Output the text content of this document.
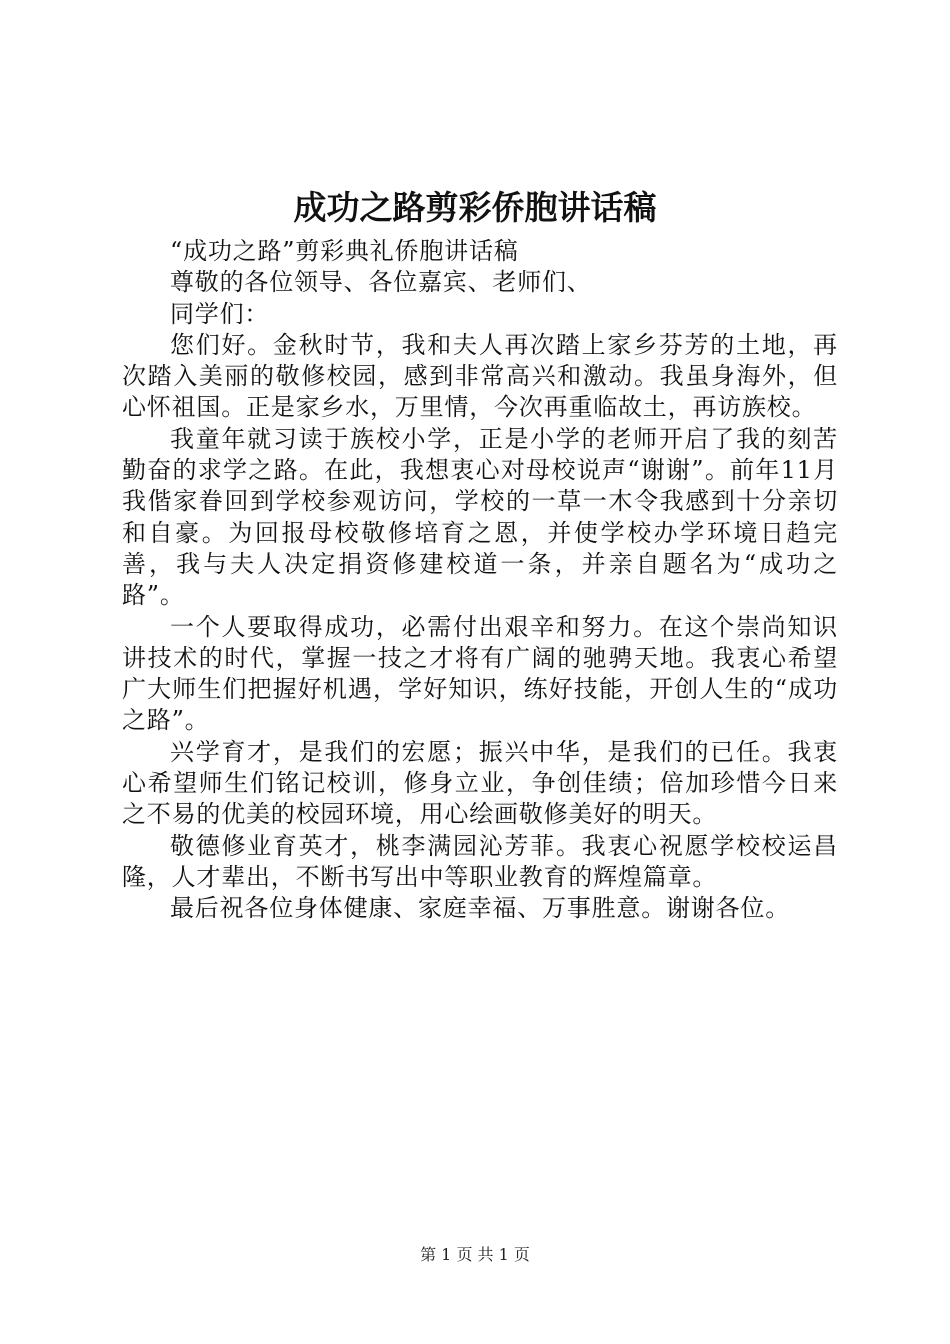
成功之路剪彩侨胞讲话稿

“成功之路”剪彩典礼侨胞讲话稿

尊敬的各位领导、各位嘉宾、老师们、

同学们：

您们好。金秋时节，我和夫人再次踏上家乡芬芳的土地，再次踏入美丽的敬修校园，感到非常高兴和激动。我虽身海外，但心怀祖国。正是家乡水，万里情，今次再重临故土，再访族校。

我童年就习读于族校小学，正是小学的老师开启了我的刻苦勤奋的求学之路。在此，我想衷心对母校说声“谢谢”。前年11月我偕家眷回到学校参观访问，学校的一草一木令我感到十分亲切和自豪。为回报母校敬修培育之恩，并使学校办学环境日趋完善，我与夫人决定捐资修建校道一条，并亲自题名为“成功之路”。

一个人要取得成功，必需付出艰辛和努力。在这个崇尚知识讲技术的时代，掌握一技之才将有广阔的驰骋天地。我衷心希望广大师生们把握好机遇，学好知识，练好技能，开创人生的“成功之路”。

兴学育才，是我们的宏愿；振兴中华，是我们的已任。我衷心希望师生们铭记校训，修身立业，争创佳绩；倍加珍惜今日来之不易的优美的校园环境，用心绘画敬修美好的明天。

敬德修业育英才，桃李满园沁芳菲。我衷心祝愿学校校运昌隆，人才辈出，不断书写出中等职业教育的辉煌篇章。

最后祝各位身体健康、家庭幸福、万事胜意。谢谢各位。

第 1 页 共 1 页
